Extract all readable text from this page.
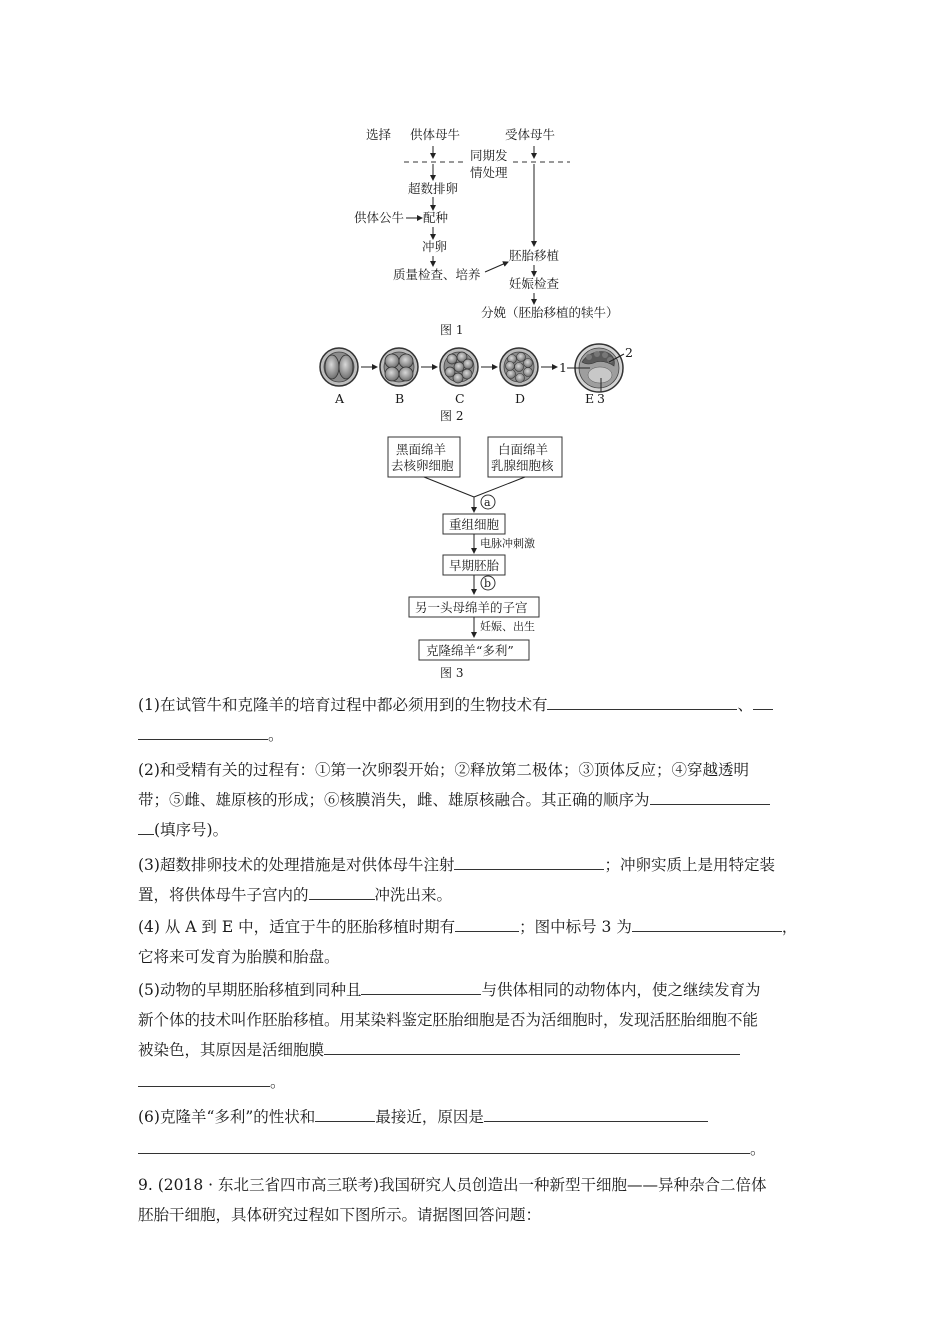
选择 供体母牛	受体母牛
同期发
情处理
超数排卵
供体公牛 配种
冲卵
质量检查、培养
胚胎移植
妊娠检查
分娩（胚胎移植的犊牛）
图 1
1
2
3
A	B	C	D	E
图 2
黑面绵羊
去核卵细胞
白面绵羊
乳腺细胞核
a
重组细胞
电脉冲刺激
早期胚胎
b
另一头母绵羊的子宫
妊娠、出生
克隆绵羊“多利”
图 3
(1)在试管牛和克隆羊的培育过程中都必须用到的生物技术有	、
。
(2)和受精有关的过程有：①第一次卵裂开始；②释放第二极体；③顶体反应；④穿越透明
带；⑤雌、雄原核的形成；⑥核膜消失，雌、雄原核融合。其正确的顺序为
(填序号)。
(3)超数排卵技术的处理措施是对供体母牛注射	；冲卵实质上是用特定装
置，将供体母牛子宫内的	冲洗出来。
(4) 从 A 到 E 中，适宜于牛的胚胎移植时期有	；图中标号 3 为	，
它将来可发育为胎膜和胎盘。
(5)动物的早期胚胎移植到同种且	与供体相同的动物体内，使之继续发育为
新个体的技术叫作胚胎移植。用某染料鉴定胚胎细胞是否为活细胞时，发现活胚胎细胞不能
被染色，其原因是活细胞膜
。
(6)克隆羊“多利”的性状和	最接近，原因是
。
9. (2018 · 东北三省四市高三联考)我国研究人员创造出一种新型干细胞——异种杂合二倍体
胚胎干细胞，具体研究过程如下图所示。请据图回答问题：
